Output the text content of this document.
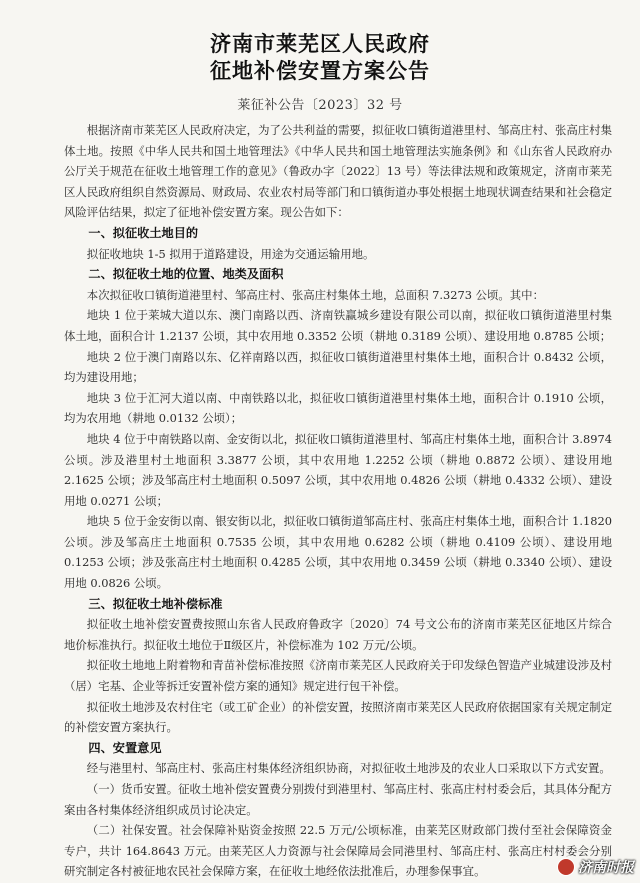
济南市莱芜区人民政府
征地补偿安置方案公告
莱征补公告〔2023〕32 号

根据济南市莱芜区人民政府决定，为了公共利益的需要，拟征收口镇街道港里村、邹高庄村、张高庄村集体土地。按照《中华人民共和国土地管理法》《中华人民共和国土地管理法实施条例》和《山东省人民政府办公厅关于规范在征收土地管理工作的意见》（鲁政办字〔2022〕13 号）等法律法规和政策规定，济南市莱芜区人民政府组织自然资源局、财政局、农业农村局等部门和口镇街道办事处根据土地现状调查结果和社会稳定风险评估结果，拟定了征地补偿安置方案。现公告如下：

一、拟征收土地目的

拟征收地块 1-5 拟用于道路建设，用途为交通运输用地。

二、拟征收土地的位置、地类及面积

本次拟征收口镇街道港里村、邹高庄村、张高庄村集体土地，总面积 7.3273 公顷。其中：

地块 1 位于莱城大道以东、澳门南路以西、济南铁赢城乡建设有限公司以南，拟征收口镇街道港里村集体土地，面积合计 1.2137 公顷，其中农用地 0.3352 公顷（耕地 0.3189 公顷）、建设用地 0.8785 公顷；

地块 2 位于澳门南路以东、亿祥南路以西，拟征收口镇街道港里村集体土地，面积合计 0.8432 公顷，均为建设用地；

地块 3 位于汇河大道以南、中南铁路以北，拟征收口镇街道港里村集体土地，面积合计 0.1910 公顷，均为农用地（耕地 0.0132 公顷）；

地块 4 位于中南铁路以南、金安街以北，拟征收口镇街道港里村、邹高庄村集体土地，面积合计 3.8974 公顷。涉及港里村土地面积 3.3877 公顷，其中农用地 1.2252 公顷（耕地 0.8872 公顷）、建设用地 2.1625 公顷；涉及邹高庄村土地面积 0.5097 公顷，其中农用地 0.4826 公顷（耕地 0.4332 公顷）、建设用地 0.0271 公顷；

地块 5 位于金安街以南、银安街以北，拟征收口镇街道邹高庄村、张高庄村集体土地，面积合计 1.1820 公顷。涉及邹高庄土地面积 0.7535 公顷，其中农用地 0.6282 公顷（耕地 0.4109 公顷）、建设用地 0.1253 公顷；涉及张高庄村土地面积 0.4285 公顷，其中农用地 0.3459 公顷（耕地 0.3340 公顷）、建设用地 0.0826 公顷。

三、拟征收土地补偿标准

拟征收土地补偿安置费按照山东省人民政府鲁政字〔2020〕74 号文公布的济南市莱芜区征地区片综合地价标准执行。拟征收土地位于Ⅱ级区片，补偿标准为 102 万元/公顷。

拟征收土地地上附着物和青苗补偿标准按照《济南市莱芜区人民政府关于印发绿色智造产业城建设涉及村（居）宅基、企业等拆迁安置补偿方案的通知》规定进行包干补偿。

拟征收土地涉及农村住宅（或工矿企业）的补偿安置，按照济南市莱芜区人民政府依据国家有关规定制定的补偿安置方案执行。

四、安置意见

经与港里村、邹高庄村、张高庄村集体经济组织协商，对拟征收土地涉及的农业人口采取以下方式安置。

（一）货币安置。征收土地补偿安置费分别拨付到港里村、邹高庄村、张高庄村村委会后，其具体分配方案由各村集体经济组织成员讨论决定。

（二）社保安置。社会保障补贴资金按照 22.5 万元/公顷标准，由莱芜区财政部门拨付至社会保障资金专户，共计 164.8643 万元。由莱芜区人力资源与社会保障局会同港里村、邹高庄村、张高庄村村委会分别研究制定各村被征地农民社会保障方案，在征收土地经依法批准后，办理参保事宜。	济南时报
